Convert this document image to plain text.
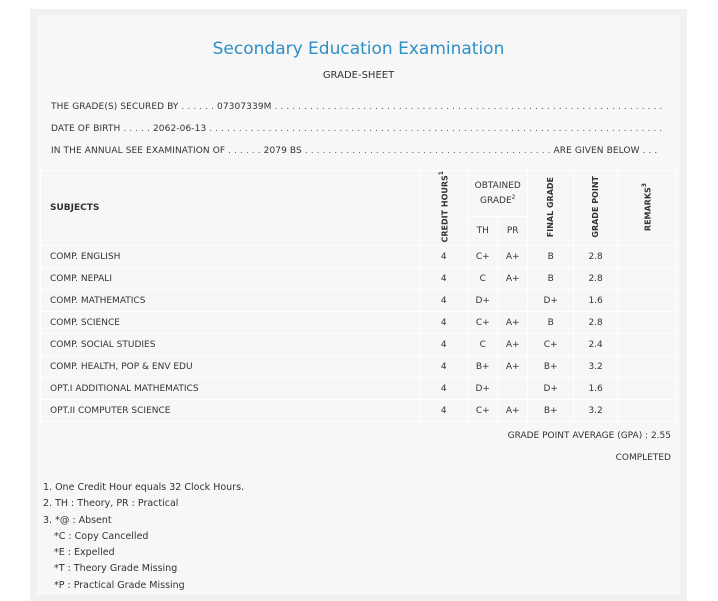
Secondary Education Examination
GRADE-SHEET
THE GRADE(S) SECURED BY . . . . . . 07307339M . . . . . . . . . . . . . . . . . . . . . . . . . . . . . . . . . . . . . . . . . . . . . . . . . . . . . . . . . . . . . . . . . .
DATE OF BIRTH . . . . . 2062-06-13 . . . . . . . . . . . . . . . . . . . . . . . . . . . . . . . . . . . . . . . . . . . . . . . . . . . . . . . . . . . . . . . . . . . . . . . . . . . . .
IN THE ANNUAL SEE EXAMINATION OF . . . . . . 2079 BS . . . . . . . . . . . . . . . . . . . . . . . . . . . . . . . . . . . . . . . . . . ARE GIVEN BELOW . . .
SUBJECTS	CREDIT HOURS$^1$	OBTAINED GRADE$^2$		FINAL GRADE	GRADE POINT	REMARKS$^3$
		TH	PR			
COMP. ENGLISH	4	C+	A+	B	2.8	
COMP. NEPALI	4	C	A+	B	2.8	
COMP. MATHEMATICS	4	D+		D+	1.6	
COMP. SCIENCE	4	C+	A+	B	2.8	
COMP. SOCIAL STUDIES	4	C	A+	C+	2.4	
COMP. HEALTH, POP & ENV EDU	4	B+	A+	B+	3.2	
OPT.I ADDITIONAL MATHEMATICS	4	D+		D+	1.6	
OPT.II COMPUTER SCIENCE	4	C+	A+	B+	3.2	
GRADE POINT AVERAGE (GPA) : 2.55
COMPLETED
1. One Credit Hour equals 32 Clock Hours.
2. TH : Theory, PR : Practical
3. *@ : Absent
*C : Copy Cancelled
*E : Expelled
*T : Theory Grade Missing
*P : Practical Grade Missing
